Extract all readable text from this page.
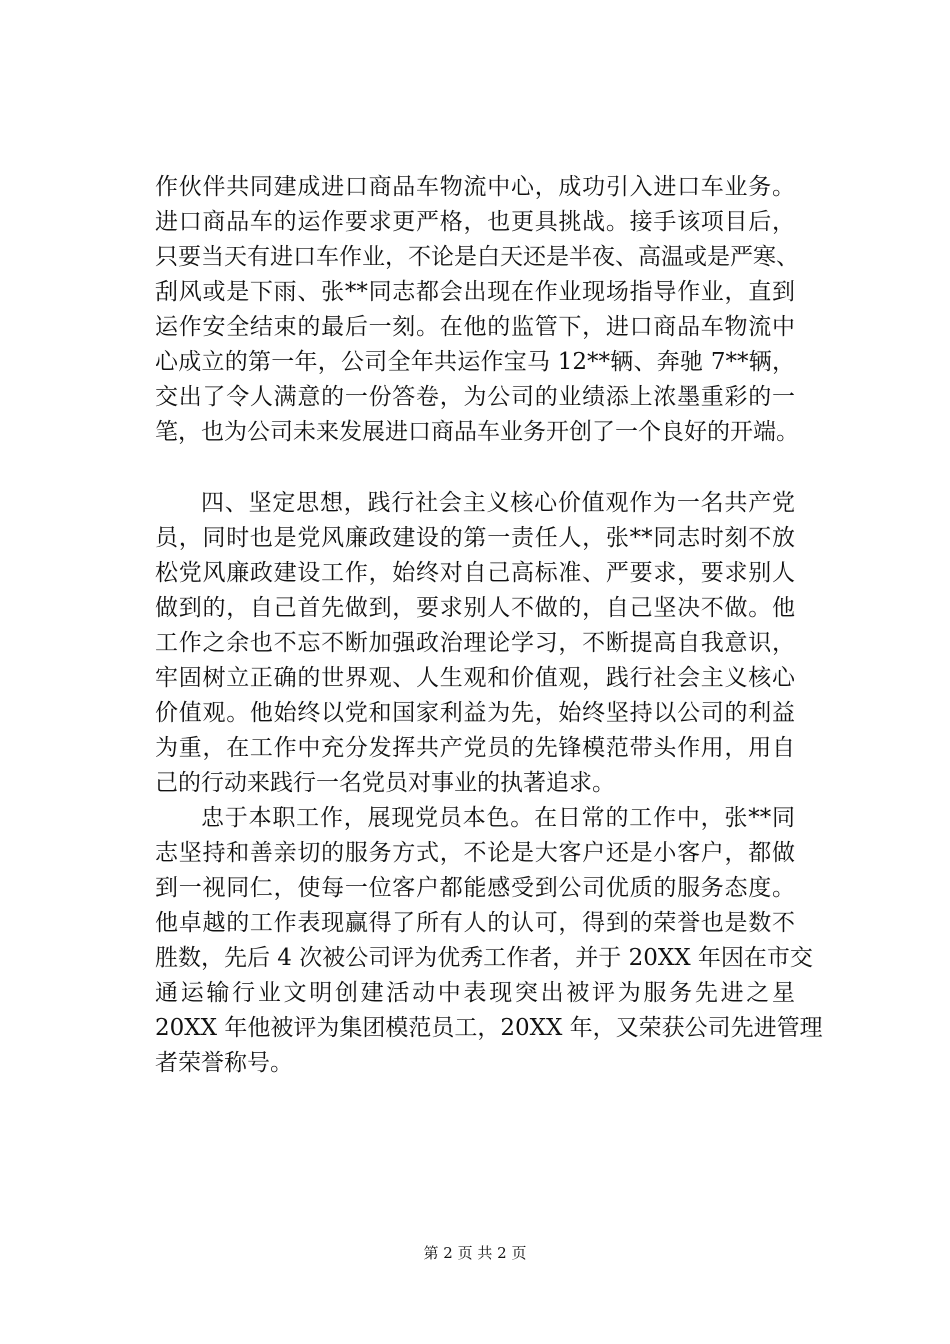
作伙伴共同建成进口商品车物流中心，成功引入进口车业务。
进口商品车的运作要求更严格，也更具挑战。接手该项目后，
只要当天有进口车作业，不论是白天还是半夜、高温或是严寒、
刮风或是下雨、张**同志都会出现在作业现场指导作业，直到
运作安全结束的最后一刻。在他的监管下，进口商品车物流中
心成立的第一年，公司全年共运作宝马 12**辆、奔驰 7**辆，
交出了令人满意的一份答卷，为公司的业绩添上浓墨重彩的一
笔，也为公司未来发展进口商品车业务开创了一个良好的开端。
四、坚定思想，践行社会主义核心价值观作为一名共产党
员，同时也是党风廉政建设的第一责任人，张**同志时刻不放
松党风廉政建设工作，始终对自己高标准、严要求，要求别人
做到的，自己首先做到，要求别人不做的，自己坚决不做。他
工作之余也不忘不断加强政治理论学习，不断提高自我意识，
牢固树立正确的世界观、人生观和价值观，践行社会主义核心
价值观。他始终以党和国家利益为先，始终坚持以公司的利益
为重，在工作中充分发挥共产党员的先锋模范带头作用，用自
己的行动来践行一名党员对事业的执著追求。
忠于本职工作，展现党员本色。在日常的工作中，张**同
志坚持和善亲切的服务方式，不论是大客户还是小客户，都做
到一视同仁，使每一位客户都能感受到公司优质的服务态度。
他卓越的工作表现赢得了所有人的认可，得到的荣誉也是数不
胜数，先后 4 次被公司评为优秀工作者，并于 20XX 年因在市交
通运输行业文明创建活动中表现突出被评为服务先进之星
20XX 年他被评为集团模范员工，20XX 年，又荣获公司先进管理
者荣誉称号。
第 2 页 共 2 页
